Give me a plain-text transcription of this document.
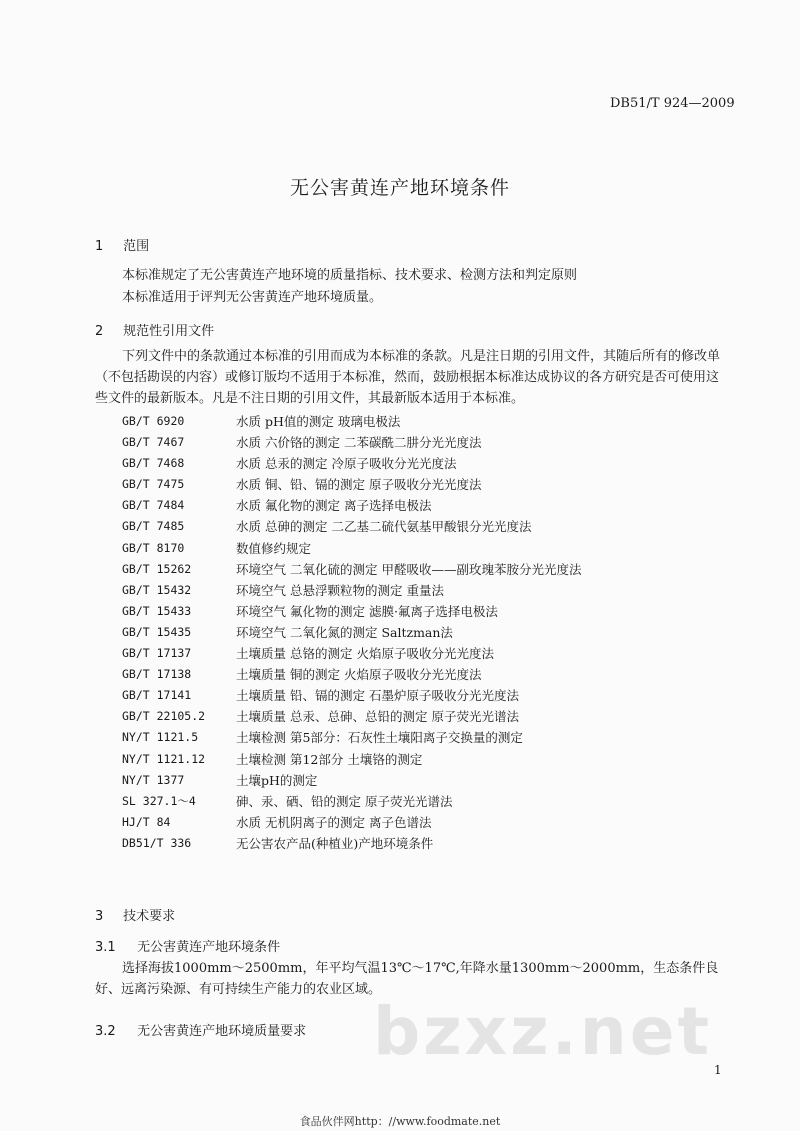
DB51/T 924—2009
无公害黄连产地环境条件
1 范围
本标准规定了无公害黄连产地环境的质量指标、技术要求、检测方法和判定原则
本标准适用于评判无公害黄连产地环境质量。
2 规范性引用文件

下列文件中的条款通过本标准的引用而成为本标准的条款。凡是注日期的引用文件，其随后所有的修改单（不包括勘误的内容）或修订版均不适用于本标准，然而，鼓励根据本标准达成协议的各方研究是否可使用这些文件的最新版本。凡是不注日期的引用文件，其最新版本适用于本标准。

GB/T 6920	水质 pH值的测定 玻璃电极法
GB/T 7467	水质 六价铬的测定 二苯碳酰二肼分光光度法
GB/T 7468	水质 总汞的测定 冷原子吸收分光光度法
GB/T 7475	水质 铜、铅、镉的测定 原子吸收分光光度法
GB/T 7484	水质 氟化物的测定 离子选择电极法
GB/T 7485	水质 总砷的测定 二乙基二硫代氨基甲酸银分光光度法
GB/T 8170	数值修约规定
GB/T 15262	环境空气 二氧化硫的测定 甲醛吸收——副玫瑰苯胺分光光度法
GB/T 15432	环境空气 总悬浮颗粒物的测定 重量法
GB/T 15433	环境空气 氟化物的测定 滤膜·氟离子选择电极法
GB/T 15435	环境空气 二氧化氮的测定 Saltzman法
GB/T 17137	土壤质量 总铬的测定 火焰原子吸收分光光度法
GB/T 17138	土壤质量 铜的测定 火焰原子吸收分光光度法
GB/T 17141	土壤质量 铅、镉的测定 石墨炉原子吸收分光光度法
GB/T 22105.2	土壤质量 总汞、总砷、总铅的测定 原子荧光光谱法
NY/T 1121.5	土壤检测 第5部分：石灰性土壤阳离子交换量的测定
NY/T 1121.12	土壤检测 第12部分 土壤铬的测定
NY/T 1377	土壤pH的测定
SL 327.1～4	砷、汞、硒、铅的测定 原子荧光光谱法
HJ/T 84	水质 无机阴离子的测定 离子色谱法
DB51/T 336	无公害农产品(种植业)产地环境条件
3 技术要求
3.1 无公害黄连产地环境条件

选择海拔1000mm～2500mm，年平均气温13℃～17℃,年降水量1300mm～2000mm，生态条件良好、远离污染源、有可持续生产能力的农业区域。

3.2 无公害黄连产地环境质量要求 bzxz.net 1
食品伙伴网http：//www.foodmate.net
